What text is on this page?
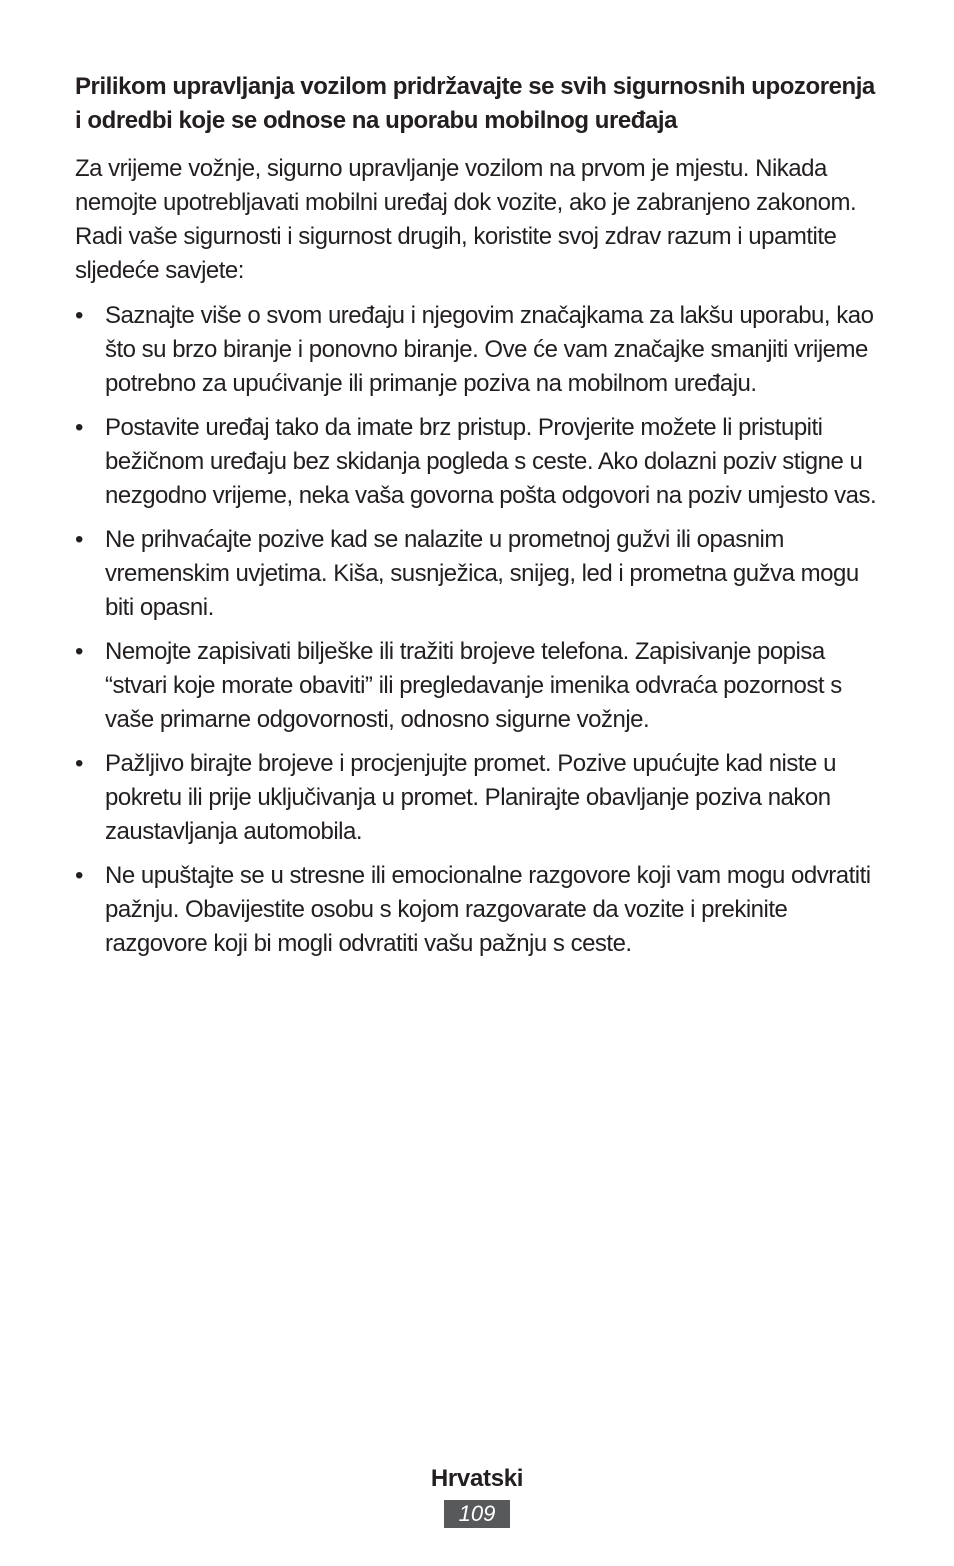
Prilikom upravljanja vozilom pridržavajte se svih sigurnosnih upozorenja i odredbi koje se odnose na uporabu mobilnog uređaja

Za vrijeme vožnje, sigurno upravljanje vozilom na prvom je mjestu. Nikada nemojte upotrebljavati mobilni uređaj dok vozite, ako je zabranjeno zakonom. Radi vaše sigurnosti i sigurnost drugih, koristite svoj zdrav razum i upamtite sljedeće savjete:

• Saznajte više o svom uređaju i njegovim značajkama za lakšu uporabu, kao što su brzo biranje i ponovno biranje. Ove će vam značajke smanjiti vrijeme potrebno za upućivanje ili primanje poziva na mobilnom uređaju.
• Postavite uređaj tako da imate brz pristup. Provjerite možete li pristupiti bežičnom uređaju bez skidanja pogleda s ceste. Ako dolazni poziv stigne u nezgodno vrijeme, neka vaša govorna pošta odgovori na poziv umjesto vas.
• Ne prihvaćajte pozive kad se nalazite u prometnoj gužvi ili opasnim vremenskim uvjetima. Kiša, susnježica, snijeg, led i prometna gužva mogu biti opasni.
• Nemojte zapisivati bilješke ili tražiti brojeve telefona. Zapisivanje popisa “stvari koje morate obaviti” ili pregledavanje imenika odvraća pozornost s vaše primarne odgovornosti, odnosno sigurne vožnje.
• Pažljivo birajte brojeve i procjenjujte promet. Pozive upućujte kad niste u pokretu ili prije uključivanja u promet. Planirajte obavljanje poziva nakon zaustavljanja automobila.
• Ne upuštajte se u stresne ili emocionalne razgovore koji vam mogu odvratiti pažnju. Obavijestite osobu s kojom razgovarate da vozite i prekinite razgovore koji bi mogli odvratiti vašu pažnju s ceste.
Hrvatski
109
